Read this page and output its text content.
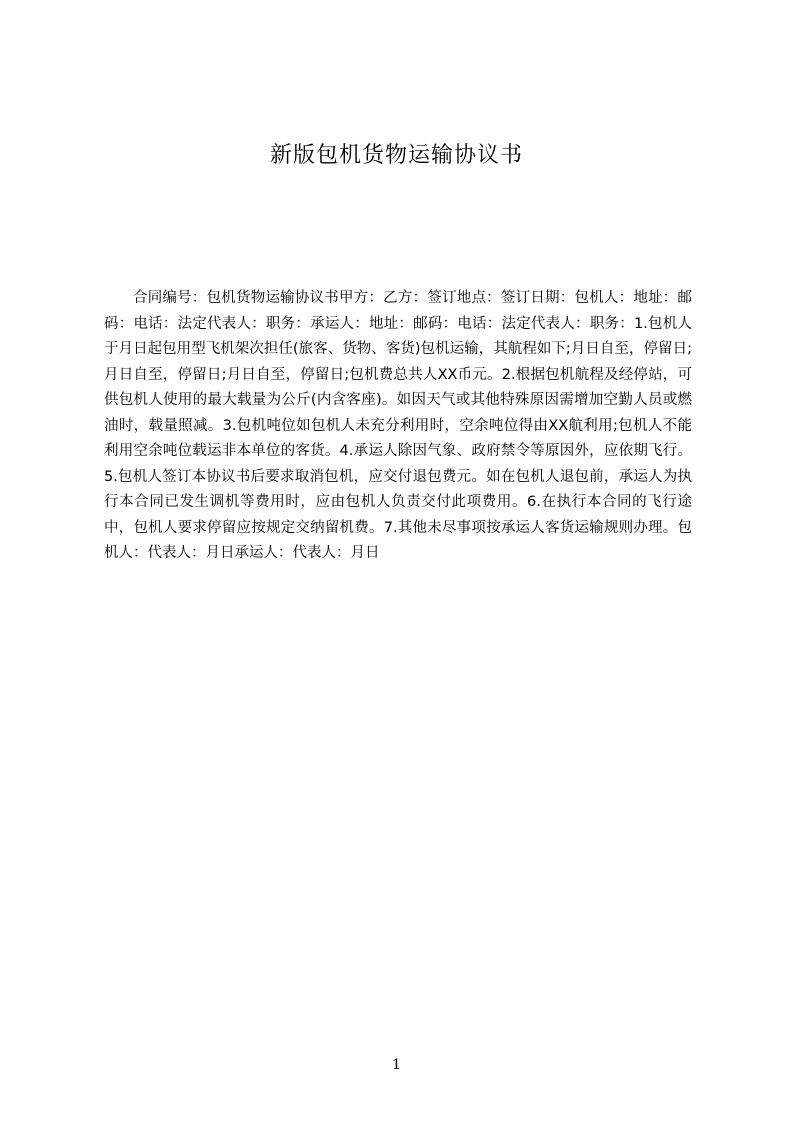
新版包机货物运输协议书

合同编号：包机货物运输协议书甲方：乙方：签订地点：签订日期：包机人：地址：邮码：电话：法定代表人：职务：承运人：地址：邮码：电话：法定代表人：职务：1.包机人于月日起包用型飞机架次担任(旅客、货物、客货)包机运输，其航程如下;月日自至，停留日;月日自至，停留日;月日自至，停留日;包机费总共人XX币元。2.根据包机航程及经停站，可供包机人使用的最大载量为公斤(内含客座)。如因天气或其他特殊原因需增加空勤人员或燃油时，载量照减。3.包机吨位如包机人未充分利用时，空余吨位得由XX航利用;包机人不能利用空余吨位载运非本单位的客货。4.承运人除因气象、政府禁令等原因外，应依期飞行。5.包机人签订本协议书后要求取消包机，应交付退包费元。如在包机人退包前，承运人为执行本合同已发生调机等费用时，应由包机人负责交付此项费用。6.在执行本合同的飞行途中，包机人要求停留应按规定交纳留机费。7.其他未尽事项按承运人客货运输规则办理。包机人：代表人：月日承运人：代表人：月日

1
